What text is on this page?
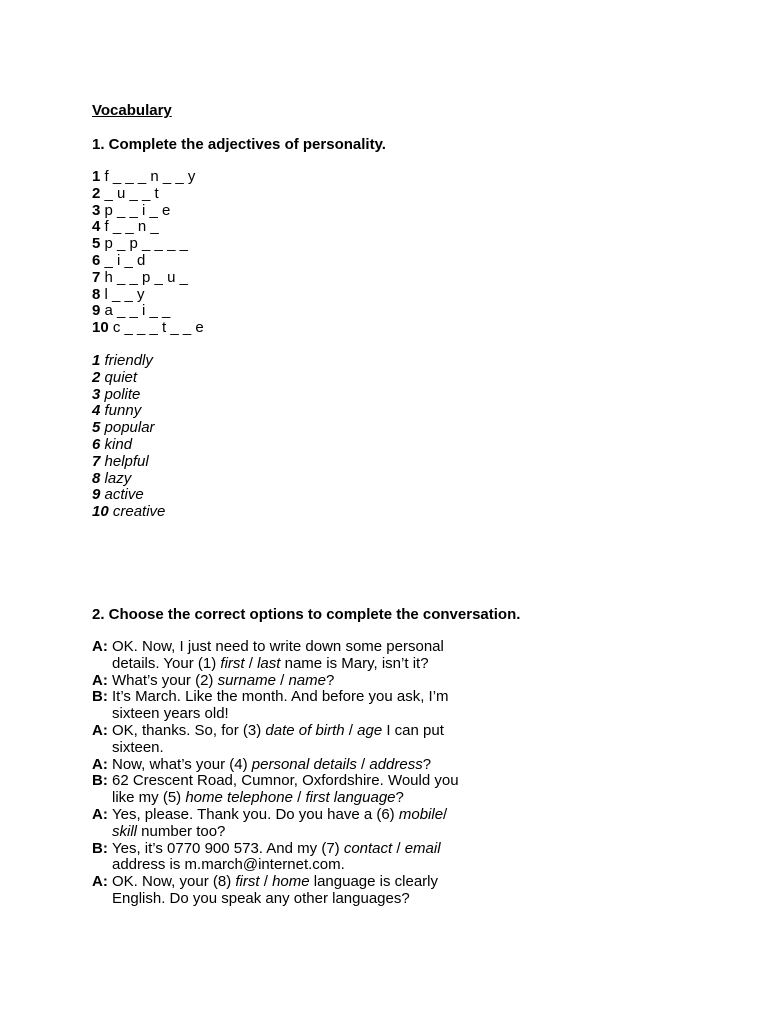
Vocabulary
1. Complete the adjectives of personality.
1 f _ _ _ n _ _ y
2 _ u _ _ t
3 p _ _ i _ e
4 f _ _ n _
5 p _ p _ _ _ _
6 _ i _ d
7 h _ _ p _ u _
8 l _ _ y
9 a _ _ i _ _
10 c _ _ _ t _ _ e
1 friendly
2 quiet
3 polite
4 funny
5 popular
6 kind
7 helpful
8 lazy
9 active
10 creative
2. Choose the correct options to complete the conversation.
A: OK. Now, I just need to write down some personal
details. Your (1) first / last name is Mary, isn’t it?
A: What’s your (2) surname / name?
B: It’s March. Like the month. And before you ask, I’m
sixteen years old!
A: OK, thanks. So, for (3) date of birth / age I can put
sixteen.
A: Now, what’s your (4) personal details / address?
B: 62 Crescent Road, Cumnor, Oxfordshire. Would you
like my (5) home telephone / first language?
A: Yes, please. Thank you. Do you have a (6) mobile/
skill number too?
B: Yes, it’s 0770 900 573. And my (7) contact / email
address is m.march@internet.com.
A: OK. Now, your (8) first / home language is clearly
English. Do you speak any other languages?
